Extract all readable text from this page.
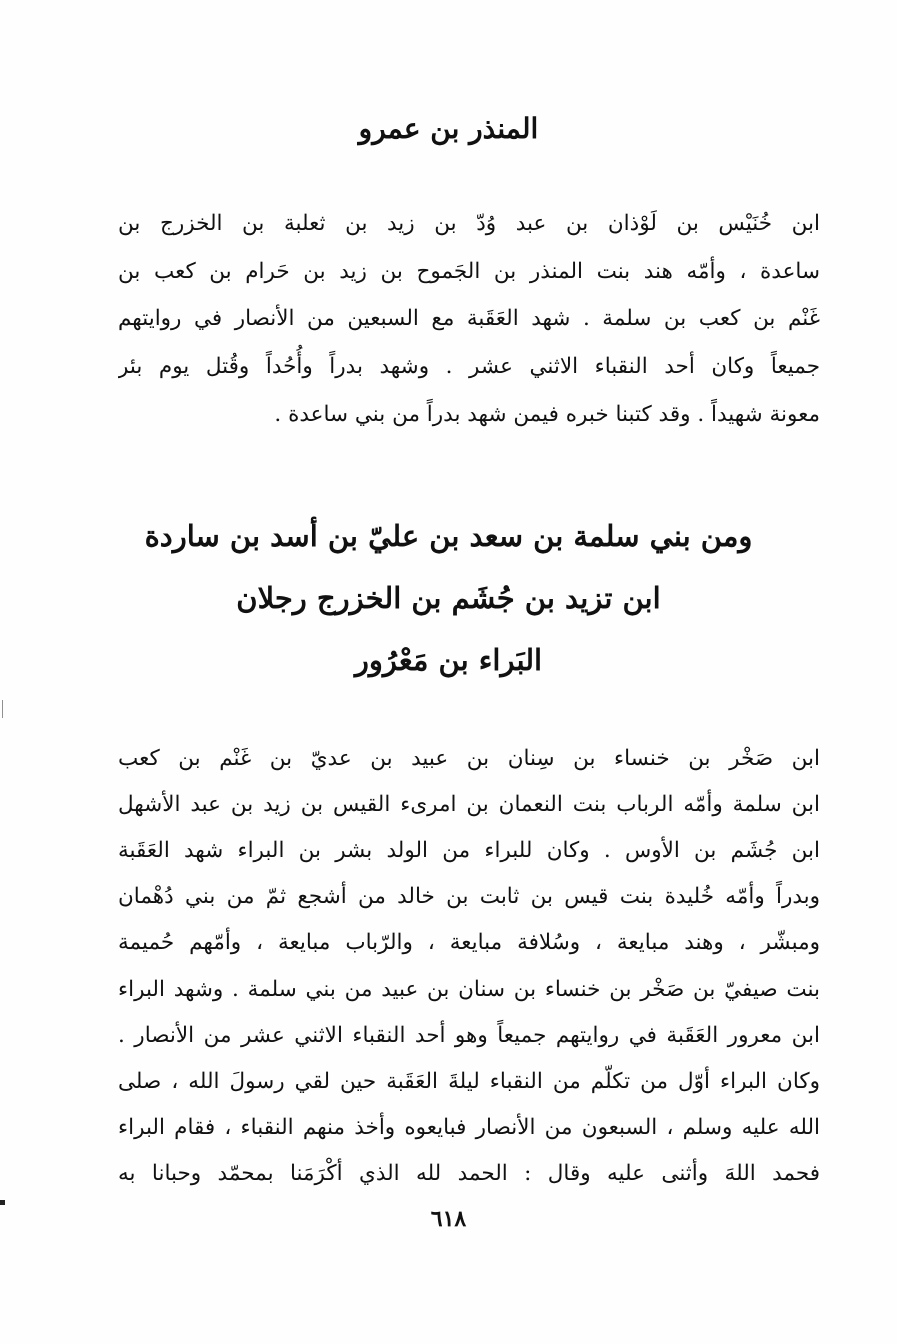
المنذر بن عمرو
ابن خُنَيْس بن لَوْذان بن عبد وُدّ بن زيد بن ثعلبة بن الخزرج بن
ساعدة ، وأمّه هند بنت المنذر بن الجَموح بن زيد بن حَرام بن كعب بن
غَنْم بن كعب بن سلمة . شهد العَقَبة مع السبعين من الأنصار في روايتهم
جميعاً وكان أحد النقباء الاثني عشر . وشهد بدراً وأُحُداً وقُتل يوم بئر
معونة شهيداً . وقد كتبنا خبره فيمن شهد بدراً من بني ساعدة .
ومن بني سلمة بن سعد بن عليّ بن أسد بن ساردة
ابن تزيد بن جُشَم بن الخزرج رجلان
البَراء بن مَعْرُور
ابن صَخْر بن خنساء بن سِنان بن عبيد بن عديّ بن غَنْم بن كعب
ابن سلمة وأمّه الرباب بنت النعمان بن امرىء القيس بن زيد بن عبد الأشهل
ابن جُشَم بن الأوس . وكان للبراء من الولد بشر بن البراء شهد العَقَبة
وبدراً وأمّه خُليدة بنت قيس بن ثابت بن خالد من أشجع ثمّ من بني دُهْمان
ومبشّر ، وهند مبايعة ، وسُلافة مبايعة ، والرّباب مبايعة ، وأمّهم حُميمة
بنت صيفيّ بن صَخْر بن خنساء بن سنان بن عبيد من بني سلمة . وشهد البراء
ابن معرور العَقَبة في روايتهم جميعاً وهو أحد النقباء الاثني عشر من الأنصار .
وكان البراء أوّل من تكلّم من النقباء ليلةَ العَقَبة حين لقي رسولَ الله ، صلى
الله عليه وسلم ، السبعون من الأنصار فبايعوه وأخذ منهم النقباء ، فقام البراء
فحمد اللهَ وأثنى عليه وقال : الحمد لله الذي أكْرَمَنا بمحمّد وحبانا به
٦١٨
